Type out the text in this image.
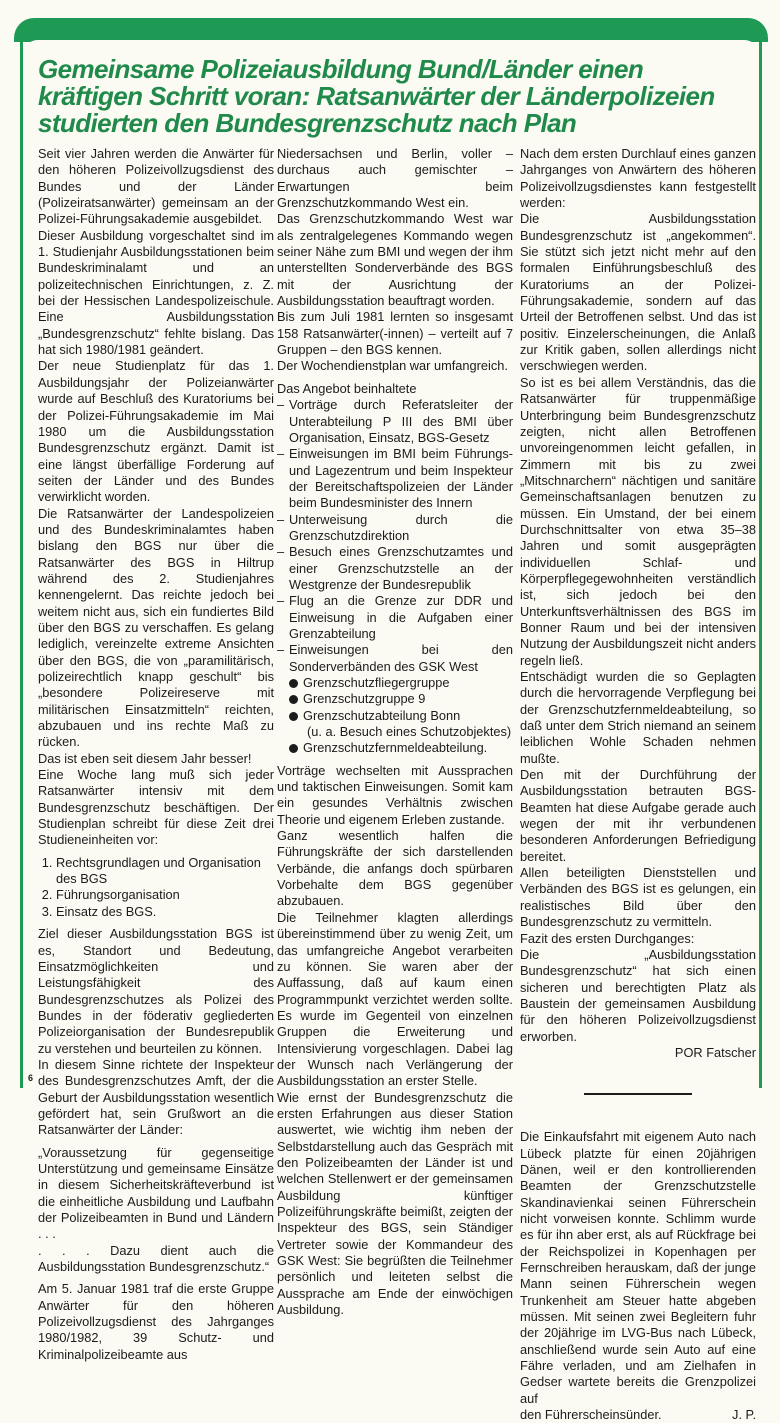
Gemeinsame Polizeiausbildung Bund/Länder einen kräftigen Schritt voran: Ratsanwärter der Länderpolizeien studierten den Bundesgrenzschutz nach Plan

Seit vier Jahren werden die Anwärter für den höheren Polizeivollzugsdienst des Bundes und der Länder (Polizeiratsanwärter) gemeinsam an der Polizei-Führungsakademie ausgebildet.

Dieser Ausbildung vorgeschaltet sind im 1. Studienjahr Ausbildungsstationen beim Bundeskriminalamt und an polizeitechnischen Einrichtungen, z. Z. bei der Hessischen Landespolizeischule. Eine Ausbildungsstation „Bundesgrenzschutz“ fehlte bislang. Das hat sich 1980/1981 geändert.

Der neue Studienplatz für das 1. Ausbildungsjahr der Polizeianwärter wurde auf Beschluß des Kuratoriums bei der Polizei-Führungsakademie im Mai 1980 um die Ausbildungsstation Bundesgrenzschutz ergänzt. Damit ist eine längst überfällige Forderung auf seiten der Länder und des Bundes verwirklicht worden.

Die Ratsanwärter der Landespolizeien und des Bundeskriminalamtes haben bislang den BGS nur über die Ratsanwärter des BGS in Hiltrup während des 2. Studienjahres kennengelernt. Das reichte jedoch bei weitem nicht aus, sich ein fundiertes Bild über den BGS zu verschaffen. Es gelang lediglich, vereinzelte extreme Ansichten über den BGS, die von „paramilitärisch, polizeirechtlich knapp geschult“ bis „besondere Polizeireserve mit militärischen Einsatzmitteln“ reichten, abzubauen und ins rechte Maß zu rücken.

Das ist eben seit diesem Jahr besser!

Eine Woche lang muß sich jeder Ratsanwärter intensiv mit dem Bundesgrenzschutz beschäftigen. Der Studienplan schreibt für diese Zeit drei Studieneinheiten vor:

1. Rechtsgrundlagen und Organisation des BGS
2. Führungsorganisation
3. Einsatz des BGS.

Ziel dieser Ausbildungsstation BGS ist es, Standort und Bedeutung, Einsatzmöglichkeiten und Leistungsfähigkeit des Bundesgrenzschutzes als Polizei des Bundes in der föderativ gegliederten Polizeiorganisation der Bundesrepublik zu verstehen und beurteilen zu können.

In diesem Sinne richtete der Inspekteur des Bundesgrenzschutzes Amft, der die Geburt der Ausbildungsstation wesentlich gefördert hat, sein Grußwort an die Ratsanwärter der Länder:

„Voraussetzung für gegenseitige Unterstützung und gemeinsame Einsätze in diesem Sicherheitskräfteverbund ist die einheitliche Ausbildung und Laufbahn der Polizeibeamten in Bund und Ländern . . .

. . . Dazu dient auch die Ausbildungsstation Bundesgrenzschutz.“

Am 5. Januar 1981 traf die erste Gruppe Anwärter für den höheren Polizeivollzugsdienst des Jahrganges 1980/1982, 39 Schutz- und Kriminalpolizeibeamte aus

Niedersachsen und Berlin, voller – durchaus auch gemischter – Erwartungen beim Grenzschutzkommando West ein.

Das Grenzschutzkommando West war als zentralgelegenes Kommando wegen seiner Nähe zum BMI und wegen der ihm unterstellten Sonderverbände des BGS mit der Ausrichtung der Ausbildungsstation beauftragt worden.

Bis zum Juli 1981 lernten so insgesamt 158 Ratsanwärter(-innen) – verteilt auf 7 Gruppen – den BGS kennen.

Der Wochendienstplan war umfangreich.

Das Angebot beinhaltete

– Vorträge durch Referatsleiter der Unterabteilung P III des BMI über Organisation, Einsatz, BGS-Gesetz
– Einweisungen im BMI beim Führungs- und Lagezentrum und beim Inspekteur der Bereitschaftspolizeien der Länder beim Bundesminister des Innern
– Unterweisung durch die Grenzschutzdirektion
– Besuch eines Grenzschutzamtes und einer Grenzschutzstelle an der Westgrenze der Bundesrepublik
– Flug an die Grenze zur DDR und Einweisung in die Aufgaben einer Grenzabteilung
– Einweisungen bei den Sonderverbänden des GSK West
Grenzschutzfliegergruppe
Grenzschutzgruppe 9
Grenzschutzabteilung Bonn
(u. a. Besuch eines Schutzobjektes)
Grenzschutzfernmeldeabteilung.

Vorträge wechselten mit Aussprachen und taktischen Einweisungen. Somit kam ein gesundes Verhältnis zwischen Theorie und eigenem Erleben zustande.

Ganz wesentlich halfen die Führungskräfte der sich darstellenden Verbände, die anfangs doch spürbaren Vorbehalte dem BGS gegenüber abzubauen.

Die Teilnehmer klagten allerdings übereinstimmend über zu wenig Zeit, um das umfangreiche Angebot verarbeiten zu können. Sie waren aber der Auffassung, daß auf kaum einen Programmpunkt verzichtet werden sollte. Es wurde im Gegenteil von einzelnen Gruppen die Erweiterung und Intensivierung vorgeschlagen. Dabei lag der Wunsch nach Verlängerung der Ausbildungsstation an erster Stelle.

Wie ernst der Bundesgrenzschutz die ersten Erfahrungen aus dieser Station auswertet, wie wichtig ihm neben der Selbstdarstellung auch das Gespräch mit den Polizeibeamten der Länder ist und welchen Stellenwert er der gemeinsamen Ausbildung künftiger Polizeiführungskräfte beimißt, zeigten der Inspekteur des BGS, sein Ständiger Vertreter sowie der Kommandeur des GSK West: Sie begrüßten die Teilnehmer persönlich und leiteten selbst die Aussprache am Ende der einwöchigen Ausbildung.

Nach dem ersten Durchlauf eines ganzen Jahrganges von Anwärtern des höheren Polizeivollzugsdienstes kann festgestellt werden:

Die Ausbildungsstation Bundesgrenzschutz ist „angekommen“. Sie stützt sich jetzt nicht mehr auf den formalen Einführungsbeschluß des Kuratoriums an der Polizei-Führungsakademie, sondern auf das Urteil der Betroffenen selbst. Und das ist positiv. Einzelerscheinungen, die Anlaß zur Kritik gaben, sollen allerdings nicht verschwiegen werden.

So ist es bei allem Verständnis, das die Ratsanwärter für truppenmäßige Unterbringung beim Bundesgrenzschutz zeigten, nicht allen Betroffenen unvoreingenommen leicht gefallen, in Zimmern mit bis zu zwei „Mitschnarchern“ nächtigen und sanitäre Gemeinschaftsanlagen benutzen zu müssen. Ein Umstand, der bei einem Durchschnittsalter von etwa 35–38 Jahren und somit ausgeprägten individuellen Schlaf- und Körperpflegegewohnheiten verständlich ist, sich jedoch bei den Unterkunftsverhältnissen des BGS im Bonner Raum und bei der intensiven Nutzung der Ausbildungszeit nicht anders regeln ließ.

Entschädigt wurden die so Geplagten durch die hervorragende Verpflegung bei der Grenzschutzfernmeldeabteilung, so daß unter dem Strich niemand an seinem leiblichen Wohle Schaden nehmen mußte.

Den mit der Durchführung der Ausbildungsstation betrauten BGS-Beamten hat diese Aufgabe gerade auch wegen der mit ihr verbundenen besonderen Anforderungen Befriedigung bereitet.

Allen beteiligten Dienststellen und Verbänden des BGS ist es gelungen, ein realistisches Bild über den Bundesgrenzschutz zu vermitteln.

Fazit des ersten Durchganges:

Die „Ausbildungsstation Bundesgrenzschutz“ hat sich einen sicheren und berechtigten Platz als Baustein der gemeinsamen Ausbildung für den höheren Polizeivollzugsdienst erworben.

POR Fatscher

Die Einkaufsfahrt mit eigenem Auto nach Lübeck platzte für einen 20jährigen Dänen, weil er den kontrollierenden Beamten der Grenzschutzstelle Skandinavienkai seinen Führerschein nicht vorweisen konnte. Schlimm wurde es für ihn aber erst, als auf Rückfrage bei der Reichspolizei in Kopenhagen per Fernschreiben herauskam, daß der junge Mann seinen Führerschein wegen Trunkenheit am Steuer hatte abgeben müssen. Mit seinen zwei Begleitern fuhr der 20jährige im LVG-Bus nach Lübeck, anschließend wurde sein Auto auf eine Fähre verladen, und am Zielhafen in Gedser wartete bereits die Grenzpolizei auf

den Führerscheinsünder.	J. P.
6
